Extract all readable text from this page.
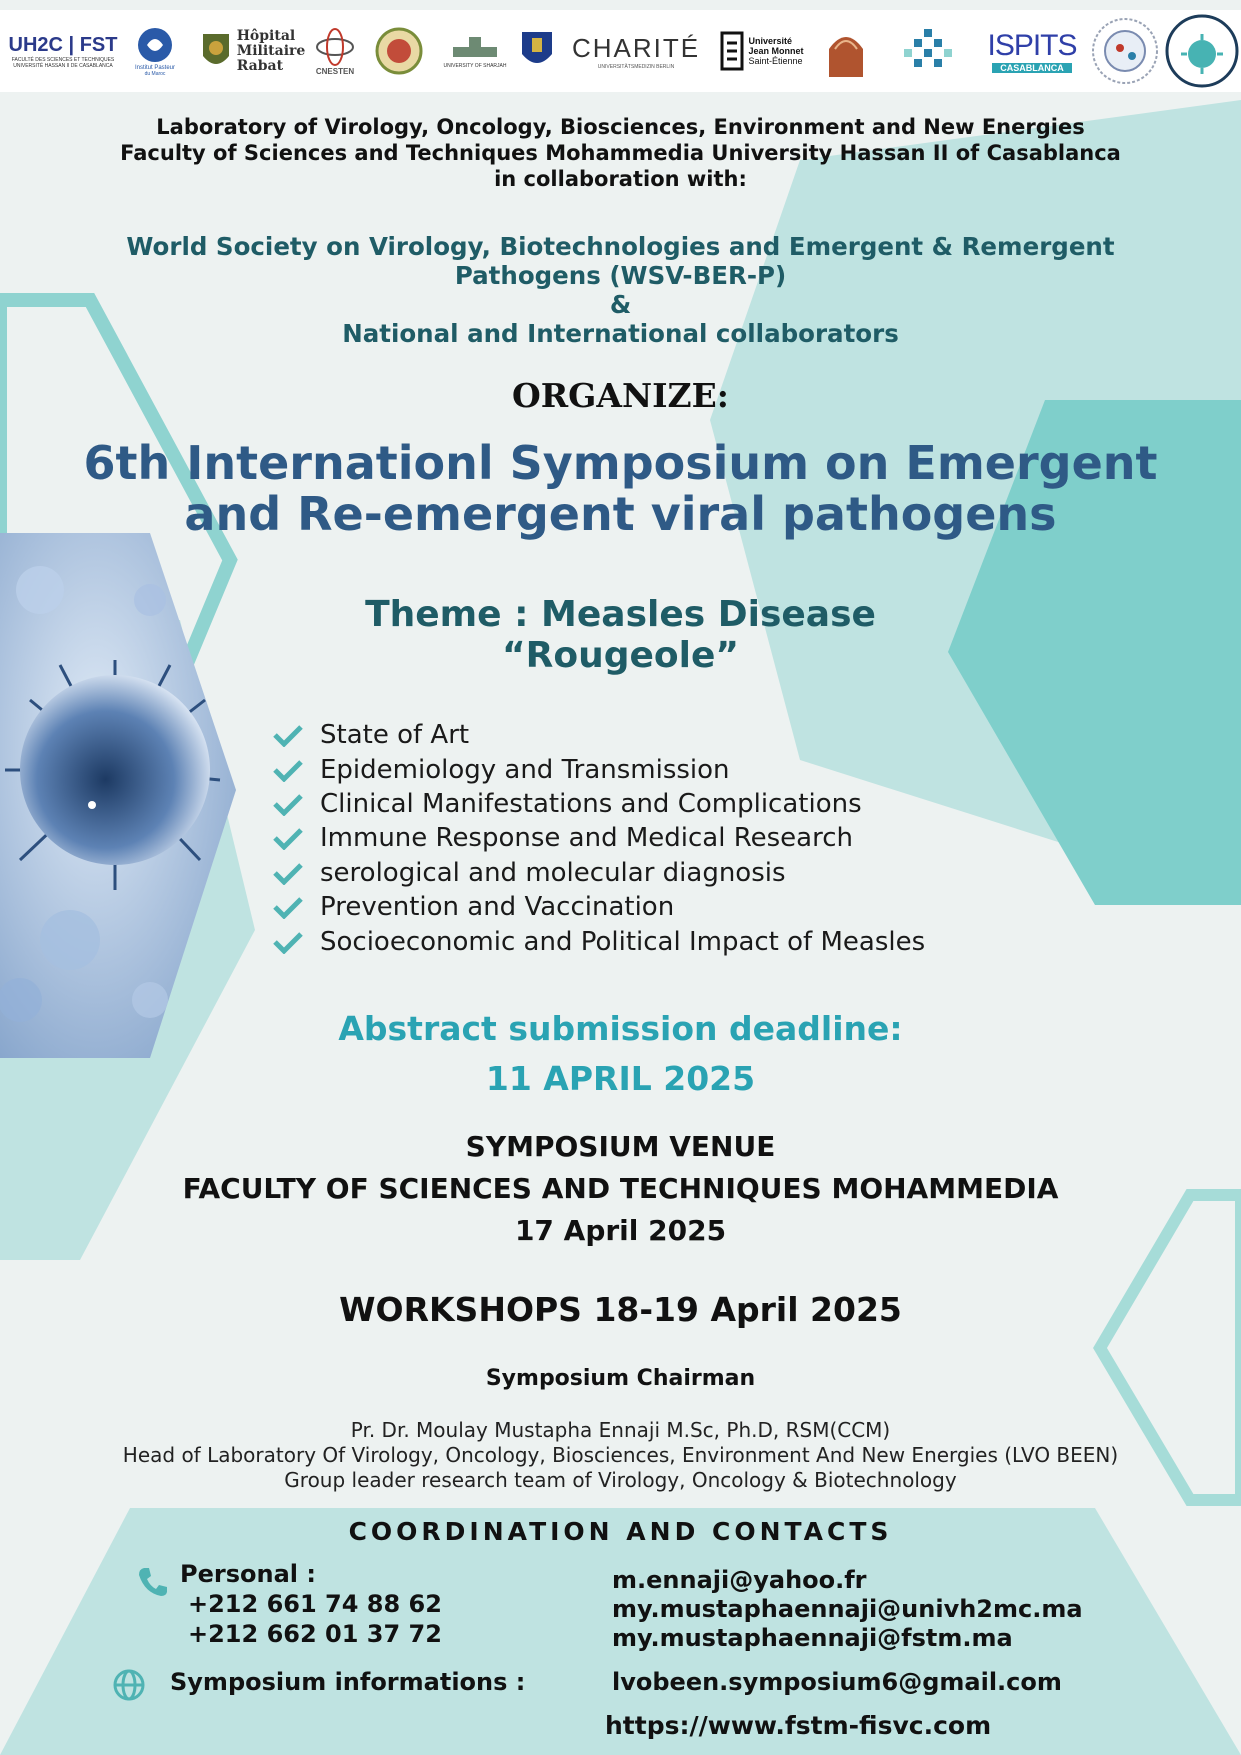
UH2C | FST
FACULTÉ DES SCIENCES ET TECHNIQUES
UNIVERSITÉ HASSAN II DE CASABLANCA	Institut Pasteur
du Maroc
Hôpital
Militaire
Rabat	CNESTEN
UNIVERSITY OF SHARJAH
CHARITÉ
UNIVERSITÄTSMEDIZIN BERLIN
Université
Jean Monnet
Saint-Étienne	ISPITS
CASABLANCA
Laboratory of Virology, Oncology, Biosciences, Environment and New Energies Faculty of Sciences and Techniques Mohammedia University Hassan II of Casablanca in collaboration with:
World Society on Virology, Biotechnologies and Emergent & Remergent Pathogens (WSV-BER-P)
&
National and International collaborators
ORGANIZE:
6th Internationl Symposium on Emergent
and Re-emergent viral pathogens
Theme : Measles Disease
“Rougeole”
State of Art
Epidemiology and Transmission
Clinical Manifestations and Complications
Immune Response and Medical Research
serological and molecular diagnosis
Prevention and Vaccination
Socioeconomic and Political Impact of Measles
Abstract submission deadline:
11 APRIL 2025
SYMPOSIUM VENUE
FACULTY OF SCIENCES AND TECHNIQUES MOHAMMEDIA
17 April 2025
WORKSHOPS 18-19 April 2025
Symposium Chairman
Pr. Dr. Moulay Mustapha Ennaji M.Sc, Ph.D, RSM(CCM)
Head of Laboratory Of Virology, Oncology, Biosciences, Environment And New Energies (LVO BEEN)
Group leader research team of Virology, Oncology & Biotechnology
COORDINATION AND CONTACTS
Personal :
+212 661 74 88 62
+212 662 01 37 72
m.ennaji@yahoo.fr
my.mustaphaennaji@univh2mc.ma
my.mustaphaennaji@fstm.ma
Symposium informations :	lvobeen.symposium6@gmail.com
https://www.fstm-fisvc.com
